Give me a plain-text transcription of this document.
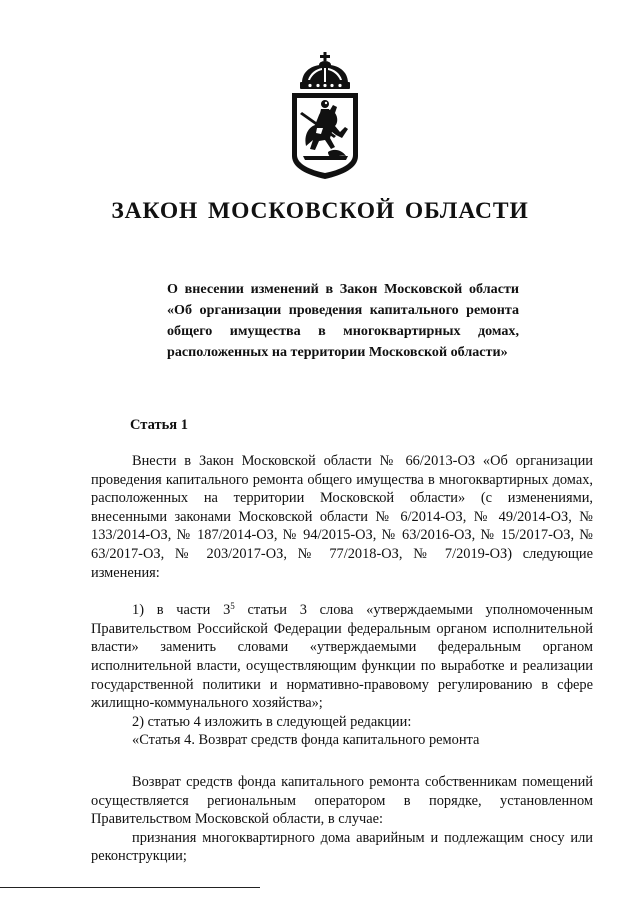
ЗАКОН МОСКОВСКОЙ ОБЛАСТИ

О внесении изменений в Закон Московской области «Об организации проведения капитального ремонта общего имущества в многоквартирных домах, расположенных на территории Московской области»

Статья 1

Внести в Закон Московской области № 66/2013-ОЗ «Об организации проведения капитального ремонта общего имущества в многоквартирных домах, расположенных на территории Московской области» (с изменениями, внесенными законами Московской области № 6/2014-ОЗ, № 49/2014-ОЗ, № 133/2014-ОЗ, № 187/2014-ОЗ, № 94/2015-ОЗ, № 63/2016-ОЗ, № 15/2017-ОЗ, № 63/2017-ОЗ, № 203/2017-ОЗ, № 77/2018-ОЗ, № 7/2019-ОЗ) следующие изменения:

1) в части $3^5$ статьи 3 слова «утверждаемыми уполномоченным Правительством Российской Федерации федеральным органом исполнительной власти» заменить словами «утверждаемыми федеральным органом исполнительной власти, осуществляющим функции по выработке и реализации государственной политики и нормативно-правовому регулированию в сфере жилищно-коммунального хозяйства»;

2) статью 4 изложить в следующей редакции:

«Статья 4. Возврат средств фонда капитального ремонта

Возврат средств фонда капитального ремонта собственникам помещений осуществляется региональным оператором в порядке, установленном Правительством Московской области, в случае:

признания многоквартирного дома аварийным и подлежащим сносу или реконструкции;
